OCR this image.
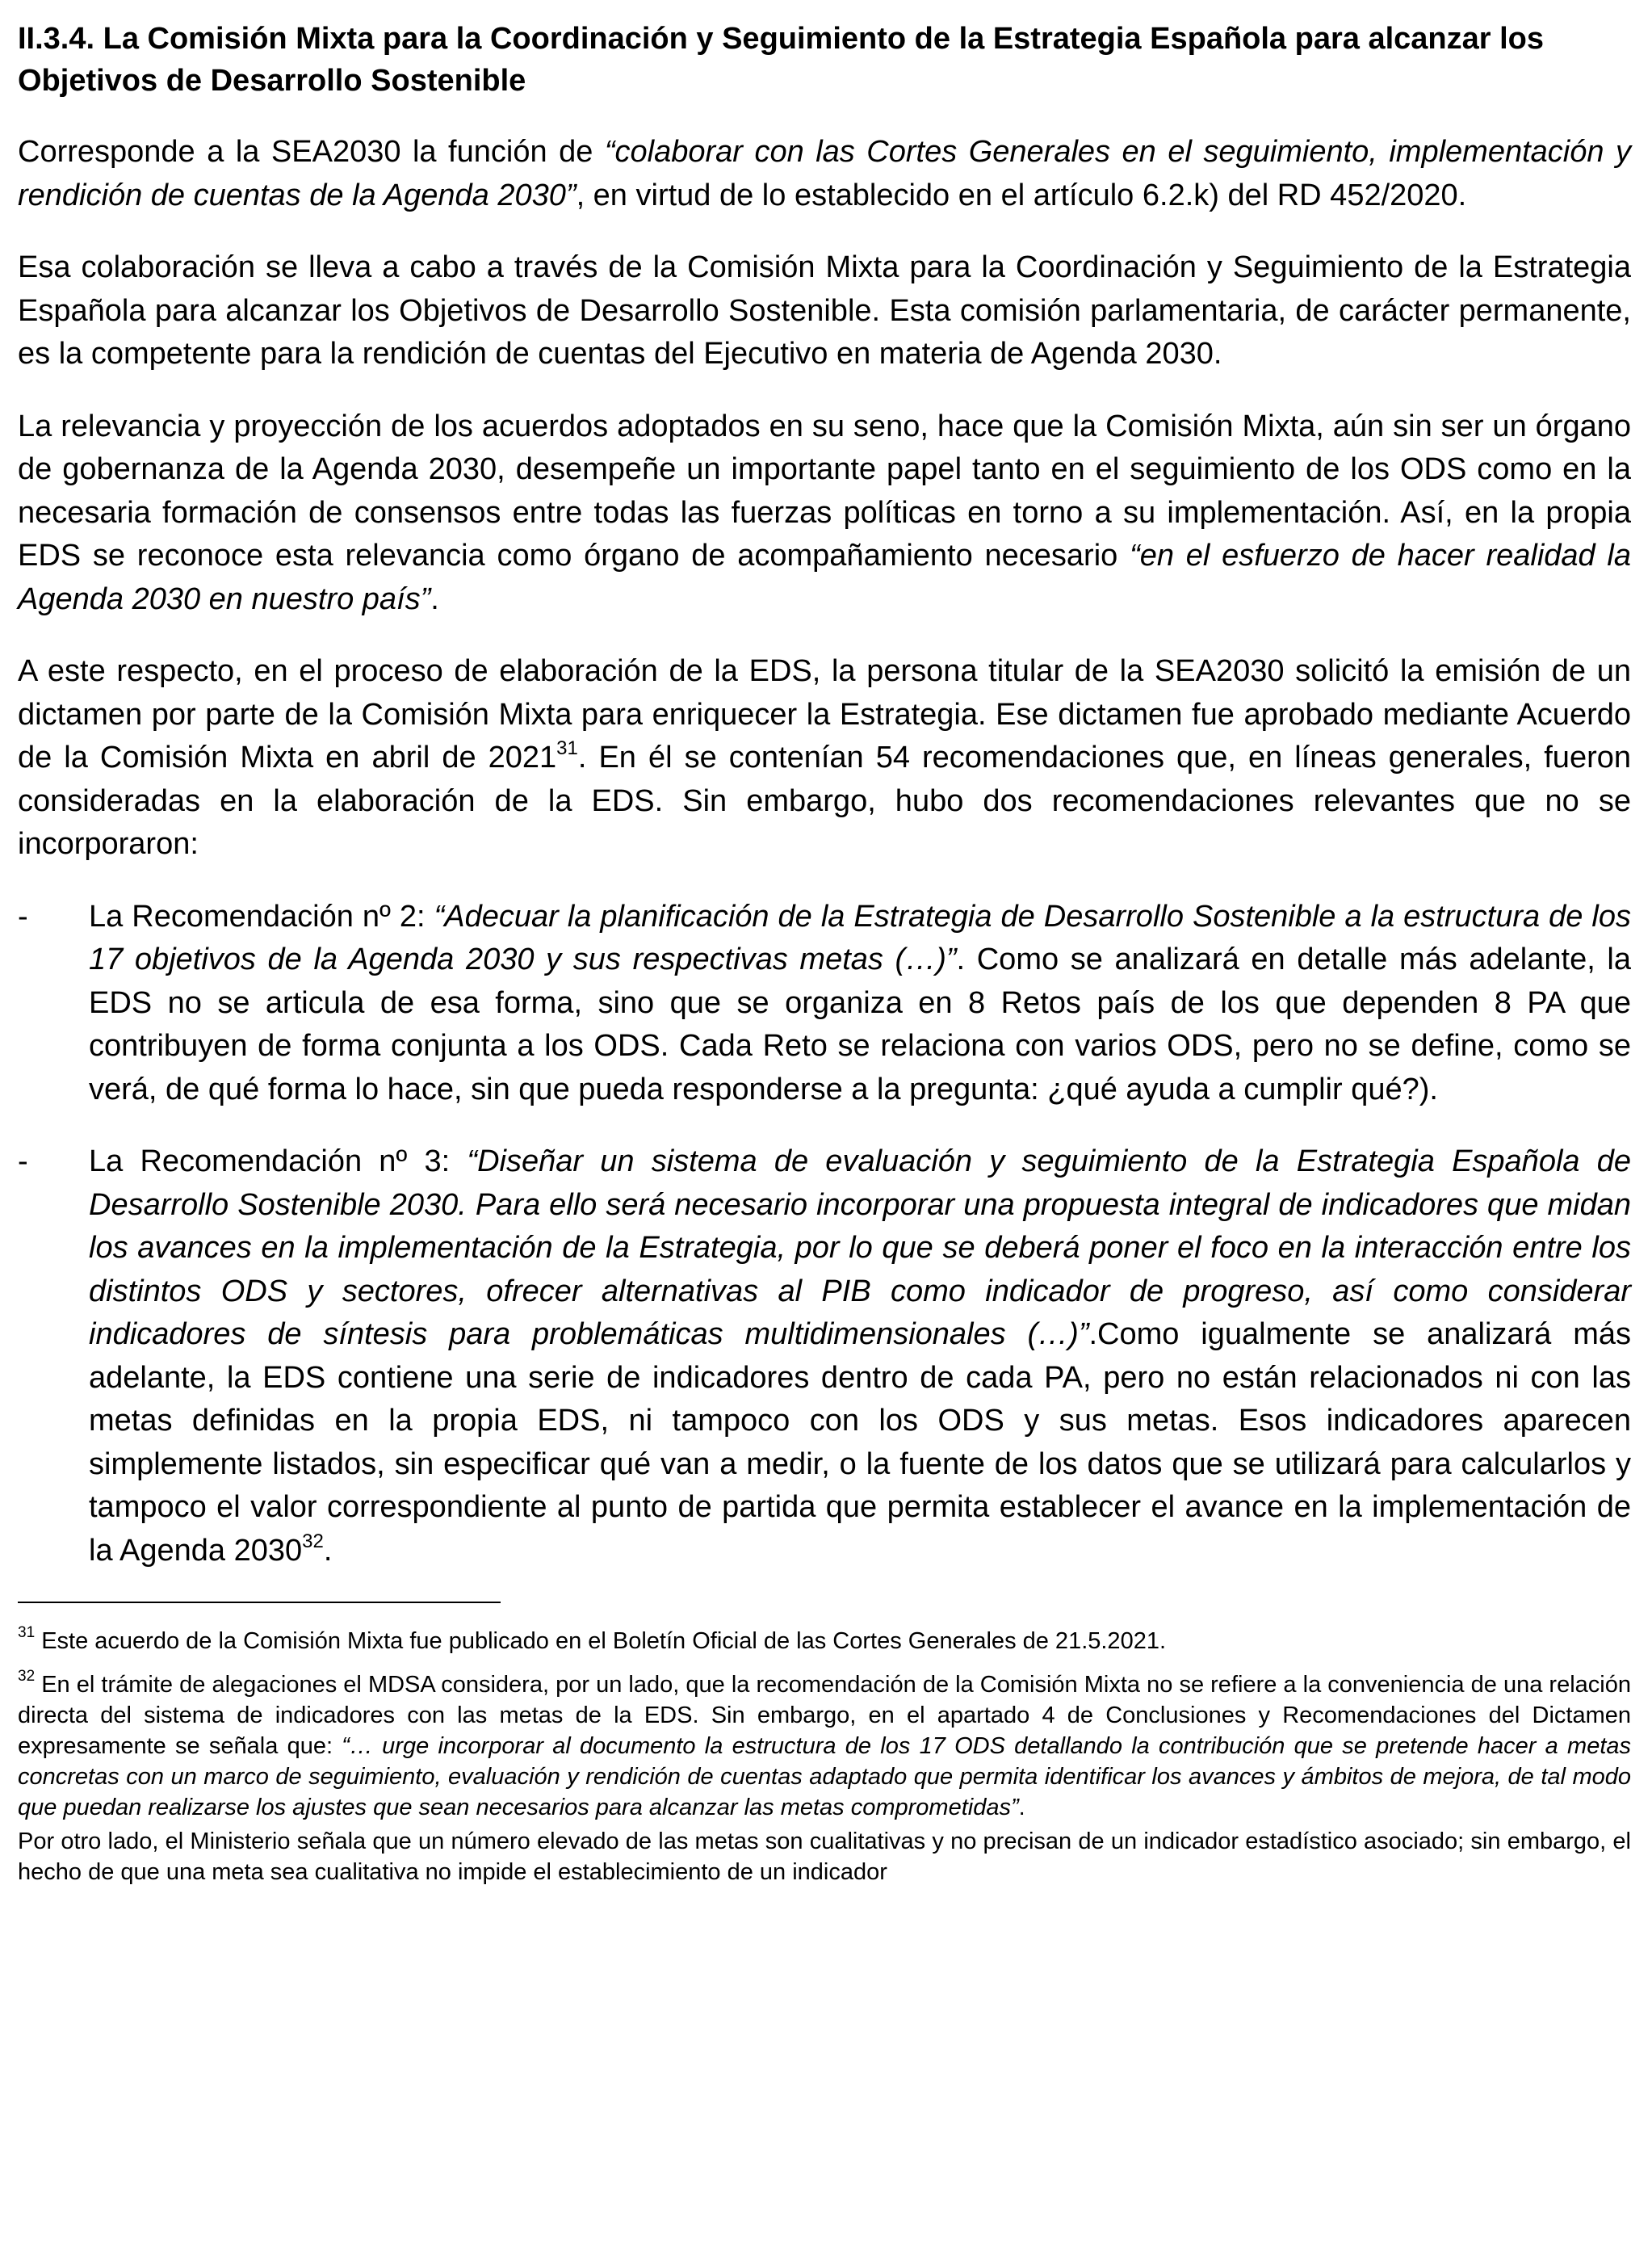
II.3.4. La Comisión Mixta para la Coordinación y Seguimiento de la Estrategia Española para alcanzar los Objetivos de Desarrollo Sostenible

Corresponde a la SEA2030 la función de “colaborar con las Cortes Generales en el seguimiento, implementación y rendición de cuentas de la Agenda 2030”, en virtud de lo establecido en el artículo 6.2.k) del RD 452/2020.

Esa colaboración se lleva a cabo a través de la Comisión Mixta para la Coordinación y Seguimiento de la Estrategia Española para alcanzar los Objetivos de Desarrollo Sostenible. Esta comisión parlamentaria, de carácter permanente, es la competente para la rendición de cuentas del Ejecutivo en materia de Agenda 2030.

La relevancia y proyección de los acuerdos adoptados en su seno, hace que la Comisión Mixta, aún sin ser un órgano de gobernanza de la Agenda 2030, desempeñe un importante papel tanto en el seguimiento de los ODS como en la necesaria formación de consensos entre todas las fuerzas políticas en torno a su implementación. Así, en la propia EDS se reconoce esta relevancia como órgano de acompañamiento necesario “en el esfuerzo de hacer realidad la Agenda 2030 en nuestro país”.

A este respecto, en el proceso de elaboración de la EDS, la persona titular de la SEA2030 solicitó la emisión de un dictamen por parte de la Comisión Mixta para enriquecer la Estrategia. Ese dictamen fue aprobado mediante Acuerdo de la Comisión Mixta en abril de 2021$^{31}$. En él se contenían 54 recomendaciones que, en líneas generales, fueron consideradas en la elaboración de la EDS. Sin embargo, hubo dos recomendaciones relevantes que no se incorporaron:

-	La Recomendación nº 2: “Adecuar la planificación de la Estrategia de Desarrollo Sostenible a la estructura de los 17 objetivos de la Agenda 2030 y sus respectivas metas (…)”. Como se analizará en detalle más adelante, la EDS no se articula de esa forma, sino que se organiza en 8 Retos país de los que dependen 8 PA que contribuyen de forma conjunta a los ODS. Cada Reto se relaciona con varios ODS, pero no se define, como se verá, de qué forma lo hace, sin que pueda responderse a la pregunta: ¿qué ayuda a cumplir qué?).
-	La Recomendación nº 3: “Diseñar un sistema de evaluación y seguimiento de la Estrategia Española de Desarrollo Sostenible 2030. Para ello será necesario incorporar una propuesta integral de indicadores que midan los avances en la implementación de la Estrategia, por lo que se deberá poner el foco en la interacción entre los distintos ODS y sectores, ofrecer alternativas al PIB como indicador de progreso, así como considerar indicadores de síntesis para problemáticas multidimensionales (…)”.Como igualmente se analizará más adelante, la EDS contiene una serie de indicadores dentro de cada PA, pero no están relacionados ni con las metas definidas en la propia EDS, ni tampoco con los ODS y sus metas. Esos indicadores aparecen simplemente listados, sin especificar qué van a medir, o la fuente de los datos que se utilizará para calcularlos y tampoco el valor correspondiente al punto de partida que permita establecer el avance en la implementación de la Agenda 2030$^{32}$.

$^{31}$ Este acuerdo de la Comisión Mixta fue publicado en el Boletín Oficial de las Cortes Generales de 21.5.2021.

$^{32}$ En el trámite de alegaciones el MDSA considera, por un lado, que la recomendación de la Comisión Mixta no se refiere a la conveniencia de una relación directa del sistema de indicadores con las metas de la EDS. Sin embargo, en el apartado 4 de Conclusiones y Recomendaciones del Dictamen expresamente se señala que: “… urge incorporar al documento la estructura de los 17 ODS detallando la contribución que se pretende hacer a metas concretas con un marco de seguimiento, evaluación y rendición de cuentas adaptado que permita identificar los avances y ámbitos de mejora, de tal modo que puedan realizarse los ajustes que sean necesarios para alcanzar las metas comprometidas”.

Por otro lado, el Ministerio señala que un número elevado de las metas son cualitativas y no precisan de un indicador estadístico asociado; sin embargo, el hecho de que una meta sea cualitativa no impide el establecimiento de un indicador
